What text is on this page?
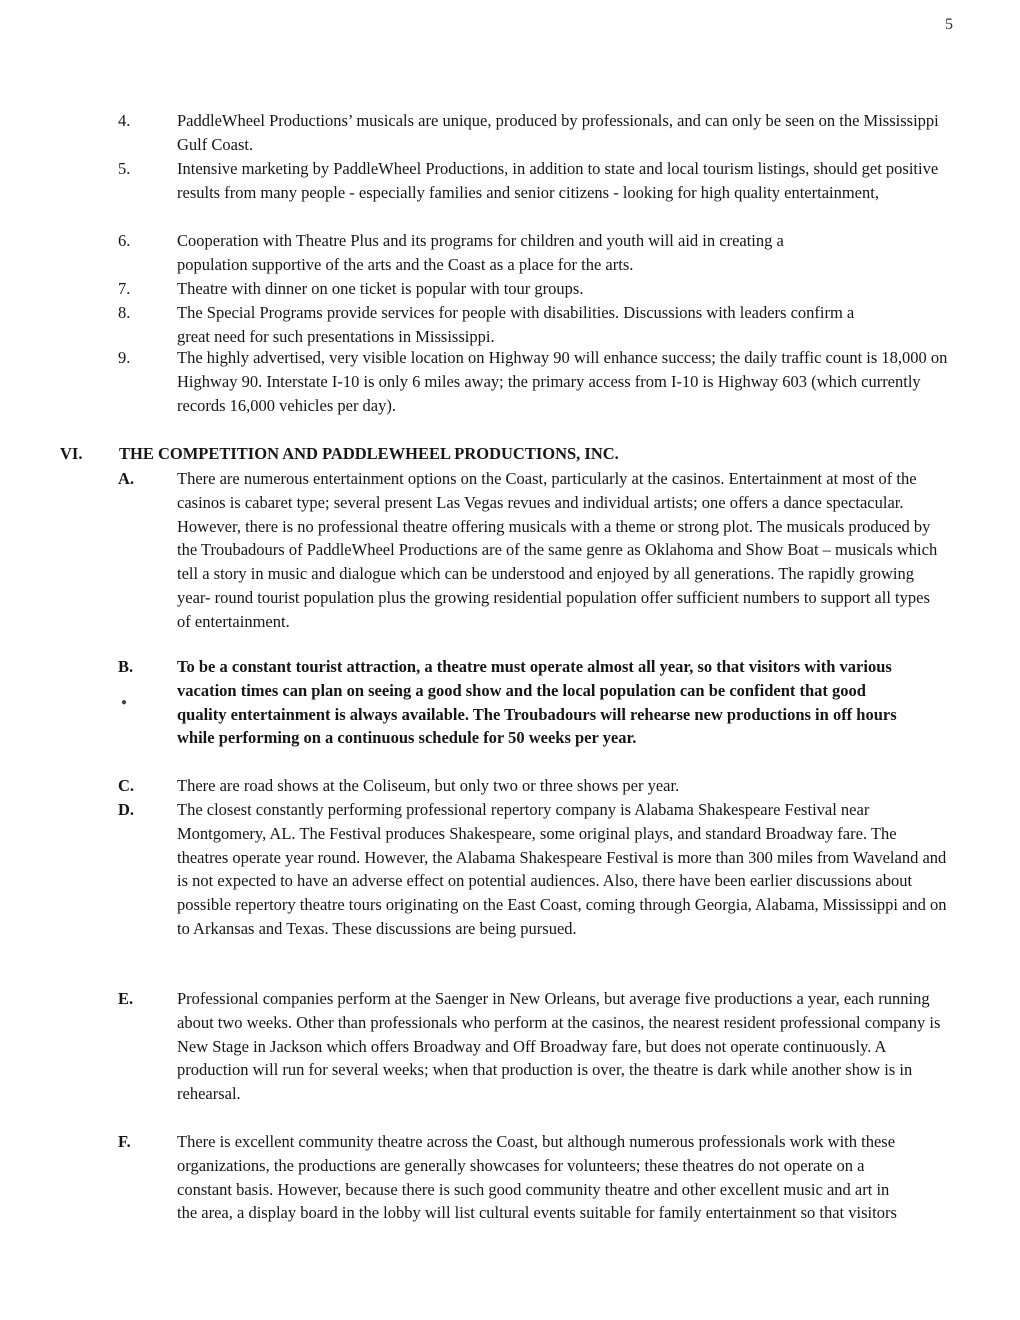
5
4.	PaddleWheel Productions’ musicals are unique, produced by professionals, and can only be seen on the Mississippi Gulf Coast.
5.	Intensive marketing by PaddleWheel Productions, in addition to state and local tourism listings, should get positive results from many people - especially families and senior citizens - looking for high quality entertainment,
6.	Cooperation with Theatre Plus and its programs for children and youth will aid in creating a population supportive of the arts and the Coast as a place for the arts.
7.	Theatre with dinner on one ticket is popular with tour groups.
8.	The Special Programs provide services for people with disabilities. Discussions with leaders confirm a great need for such presentations in Mississippi.
9.	The highly advertised, very visible location on Highway 90 will enhance success; the daily traffic count is 18,000 on Highway 90. Interstate I-10 is only 6 miles away; the primary access from I-10 is Highway 603 (which currently records 16,000 vehicles per day).
VI. THE COMPETITION AND PADDLEWHEEL PRODUCTIONS, INC.
A.	There are numerous entertainment options on the Coast, particularly at the casinos. Entertainment at most of the casinos is cabaret type; several present Las Vegas revues and individual artists; one offers a dance spectacular. However, there is no professional theatre offering musicals with a theme or strong plot. The musicals produced by the Troubadours of PaddleWheel Productions are of the same genre as Oklahoma and Show Boat – musicals which tell a story in music and dialogue which can be understood and enjoyed by all generations. The rapidly growing year- round tourist population plus the growing residential population offer sufficient numbers to support all types of entertainment.
B.	To be a constant tourist attraction, a theatre must operate almost all year, so that visitors with various vacation times can plan on seeing a good show and the local population can be confident that good quality entertainment is always available. The Troubadours will rehearse new productions in off hours while performing on a continuous schedule for 50 weeks per year.
●
C.	There are road shows at the Coliseum, but only two or three shows per year.
D.	The closest constantly performing professional repertory company is Alabama Shakespeare Festival near Montgomery, AL. The Festival produces Shakespeare, some original plays, and standard Broadway fare. The theatres operate year round. However, the Alabama Shakespeare Festival is more than 300 miles from Waveland and is not expected to have an adverse effect on potential audiences. Also, there have been earlier discussions about possible repertory theatre tours originating on the East Coast, coming through Georgia, Alabama, Mississippi and on to Arkansas and Texas. These discussions are being pursued.
E.	Professional companies perform at the Saenger in New Orleans, but average five productions a year, each running about two weeks. Other than professionals who perform at the casinos, the nearest resident professional company is New Stage in Jackson which offers Broadway and Off Broadway fare, but does not operate continuously. A production will run for several weeks; when that production is over, the theatre is dark while another show is in rehearsal.
F.	There is excellent community theatre across the Coast, but although numerous professionals work with these organizations, the productions are generally showcases for volunteers; these theatres do not operate on a constant basis. However, because there is such good community theatre and other excellent music and art in the area, a display board in the lobby will list cultural events suitable for family entertainment so that visitors
